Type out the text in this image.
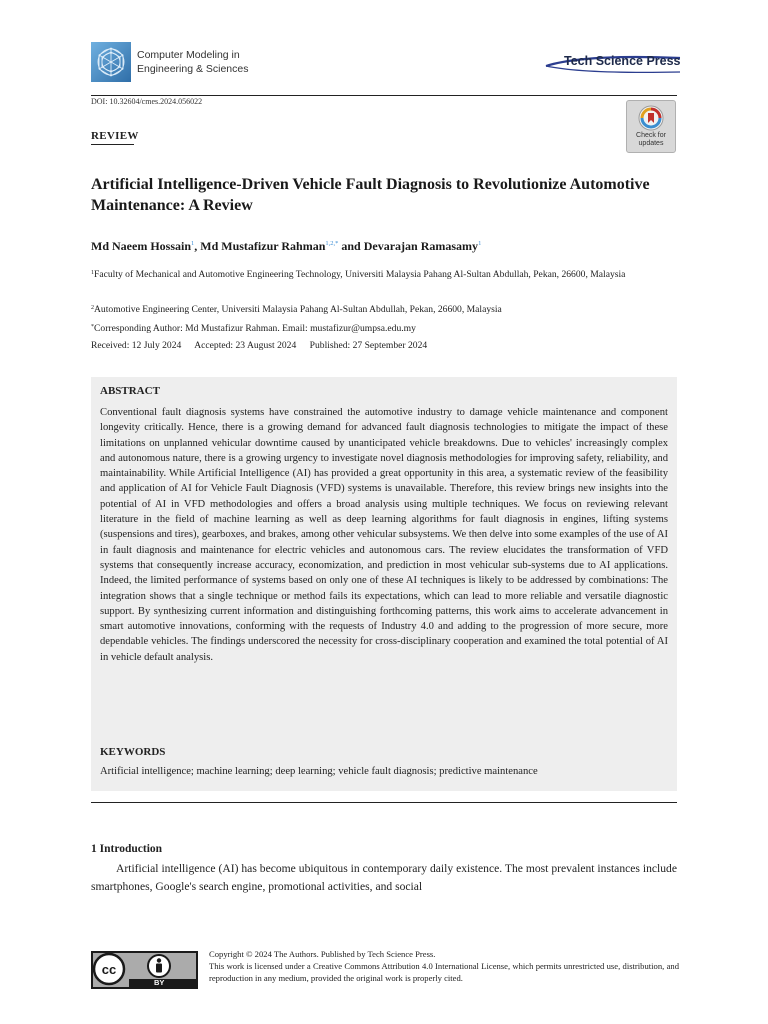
Computer Modeling in
Engineering & Sciences
Tech Science Press
DOI: 10.32604/cmes.2024.056022
Check for
updates
REVIEW
Artificial Intelligence-Driven Vehicle Fault Diagnosis to Revolutionize Automotive Maintenance: A Review
Md Naeem Hossain$^1$, Md Mustafizur Rahman$^{1,2,*}$ and Devarajan Ramasamy$^1$
$^1$Faculty of Mechanical and Automotive Engineering Technology, Universiti Malaysia Pahang Al-Sultan Abdullah, Pekan, 26600, Malaysia
$^2$Automotive Engineering Center, Universiti Malaysia Pahang Al-Sultan Abdullah, Pekan, 26600, Malaysia
*Corresponding Author: Md Mustafizur Rahman. Email: mustafizur@umpsa.edu.my
Received: 12 July 2024 Accepted: 23 August 2024 Published: 27 September 2024
ABSTRACT
Conventional fault diagnosis systems have constrained the automotive industry to damage vehicle maintenance and component longevity critically. Hence, there is a growing demand for advanced fault diagnosis technologies to mitigate the impact of these limitations on unplanned vehicular downtime caused by unanticipated vehicle breakdowns. Due to vehicles' increasingly complex and autonomous nature, there is a growing urgency to investigate novel diagnosis methodologies for improving safety, reliability, and maintainability. While Artificial Intelligence (AI) has provided a great opportunity in this area, a systematic review of the feasibility and application of AI for Vehicle Fault Diagnosis (VFD) systems is unavailable. Therefore, this review brings new insights into the potential of AI in VFD methodologies and offers a broad analysis using multiple techniques. We focus on reviewing relevant literature in the field of machine learning as well as deep learning algorithms for fault diagnosis in engines, lifting systems (suspensions and tires), gearboxes, and brakes, among other vehicular subsystems. We then delve into some examples of the use of AI in fault diagnosis and maintenance for electric vehicles and autonomous cars. The review elucidates the transformation of VFD systems that consequently increase accuracy, economization, and prediction in most vehicular sub-systems due to AI applications. Indeed, the limited performance of systems based on only one of these AI techniques is likely to be addressed by combinations: The integration shows that a single technique or method fails its expectations, which can lead to more reliable and versatile diagnostic support. By synthesizing current information and distinguishing forthcoming patterns, this work aims to accelerate advancement in smart automotive innovations, conforming with the requests of Industry 4.0 and adding to the progression of more secure, more dependable vehicles. The findings underscored the necessity for cross-disciplinary cooperation and examined the total potential of AI in vehicle default analysis.
KEYWORDS
Artificial intelligence; machine learning; deep learning; vehicle fault diagnosis; predictive maintenance
1 Introduction
Artificial intelligence (AI) has become ubiquitous in contemporary daily existence. The most prevalent instances include smartphones, Google's search engine, promotional activities, and social
cc
BY
Copyright © 2024 The Authors. Published by Tech Science Press.
This work is licensed under a Creative Commons Attribution 4.0 International License, which permits unrestricted use, distribution, and reproduction in any medium, provided the original work is properly cited.
